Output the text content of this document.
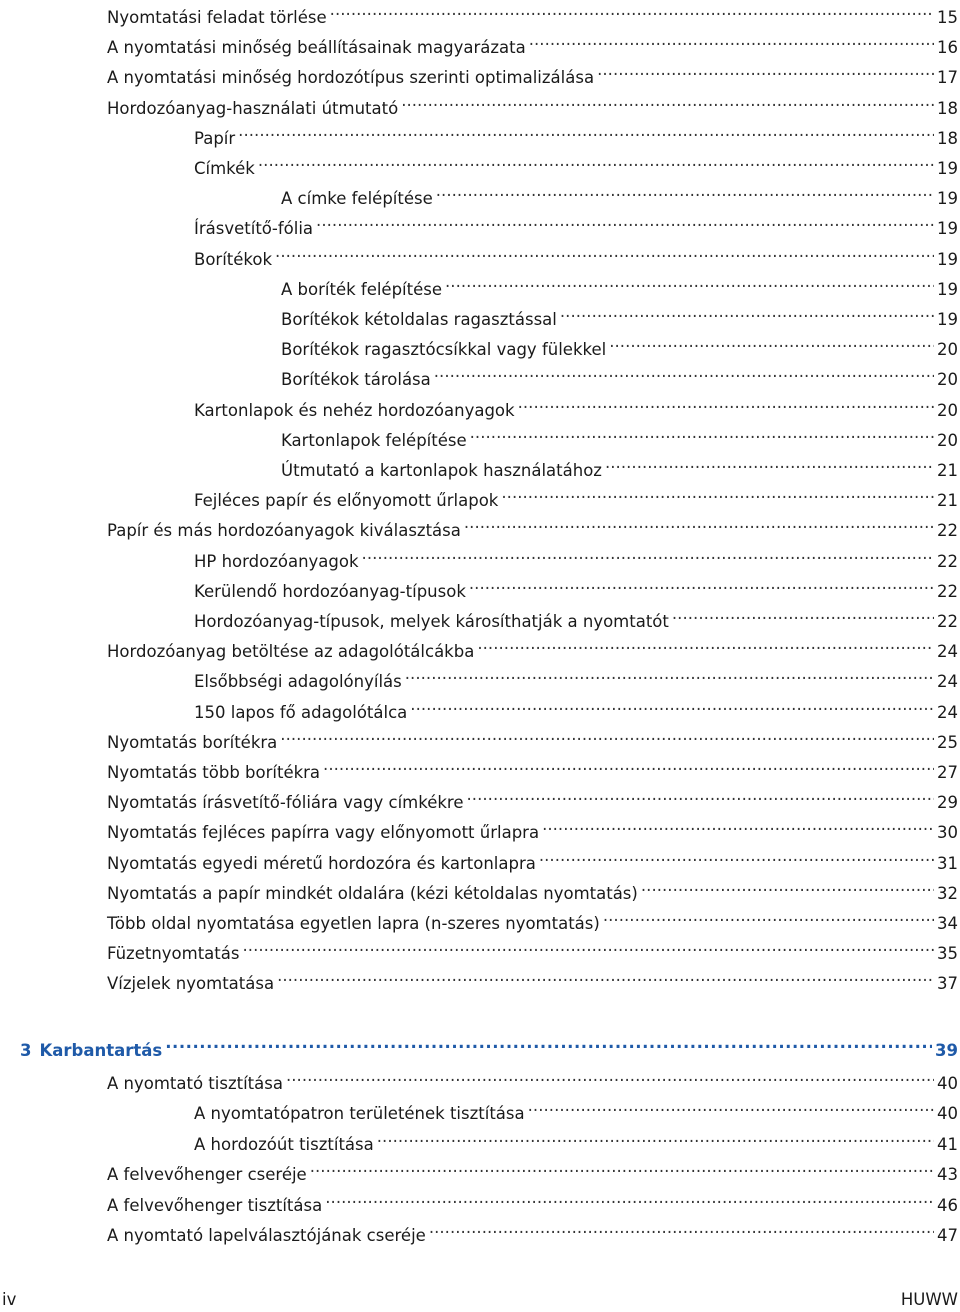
Nyomtatási feladat törlése . . .	15
A nyomtatási minőség beállításainak magyarázata . . .	16
A nyomtatási minőség hordozótípus szerinti optimalizálása . . .	17
Hordozóanyag-használati útmutató . . .	18
Papír . . .	18
Címkék . . .	19
A címke felépítése . . .	19
Írásvetítő-fólia . . .	19
Borítékok . . .	19
A boríték felépítése . . .	19
Borítékok kétoldalas ragasztással . . .	19
Borítékok ragasztócsíkkal vagy fülekkel . . .	20
Borítékok tárolása . . .	20
Kartonlapok és nehéz hordozóanyagok . . .	20
Kartonlapok felépítése . . .	20
Útmutató a kartonlapok használatához . . .	21
Fejléces papír és előnyomott űrlapok . . .	21
Papír és más hordozóanyagok kiválasztása . . .	22
HP hordozóanyagok . . .	22
Kerülendő hordozóanyag-típusok . . .	22
Hordozóanyag-típusok, melyek károsíthatják a nyomtatót . . .	22
Hordozóanyag betöltése az adagolótálcákba . . .	24
Elsőbbségi adagolónyílás . . .	24
150 lapos fő adagolótálca . . .	24
Nyomtatás borítékra . . .	25
Nyomtatás több borítékra . . .	27
Nyomtatás írásvetítő-fóliára vagy címkékre . . .	29
Nyomtatás fejléces papírra vagy előnyomott űrlapra . . .	30
Nyomtatás egyedi méretű hordozóra és kartonlapra . . .	31
Nyomtatás a papír mindkét oldalára (kézi kétoldalas nyomtatás) . . .	32
Több oldal nyomtatása egyetlen lapra (n-szeres nyomtatás) . . .	34
Füzetnyomtatás . . .	35
Vízjelek nyomtatása . . .	37
3 Karbantartás . . .	39
A nyomtató tisztítása . . .	40
A nyomtatópatron területének tisztítása . . .	40
A hordozóút tisztítása . . .	41
A felvevőhenger cseréje . . .	43
A felvevőhenger tisztítása . . .	46
A nyomtató lapelválasztójának cseréje . . .	47
iv	HUWW
